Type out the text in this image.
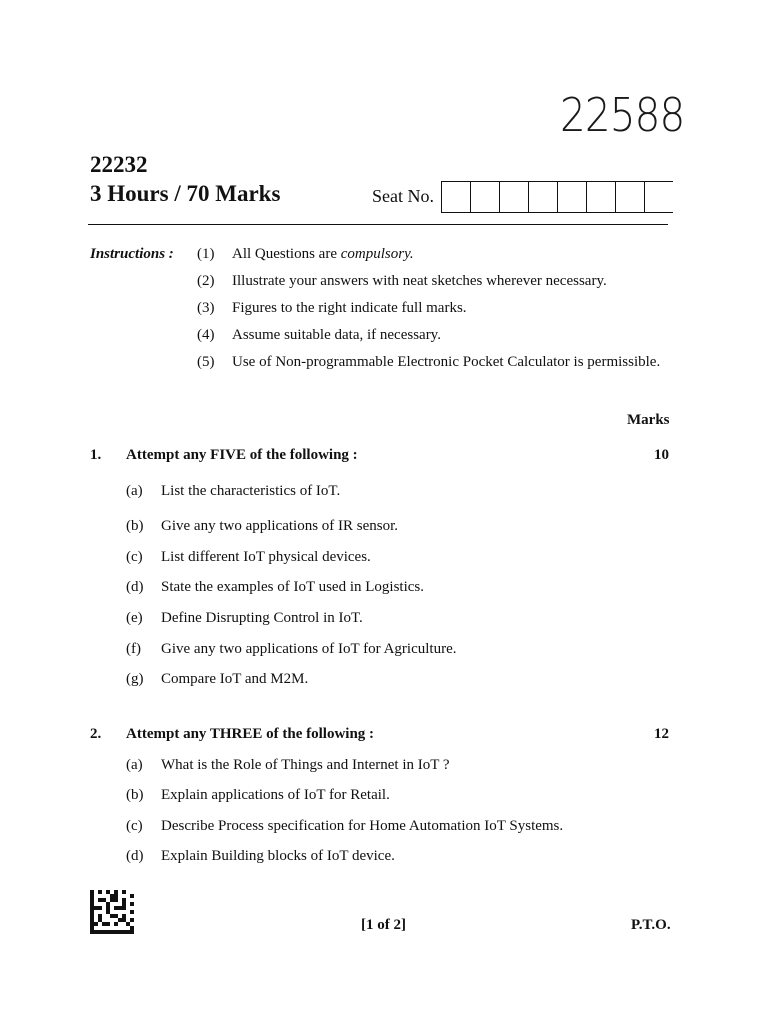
22588
22232
3 Hours / 70 Marks	Seat No.
Instructions : (1) All Questions are compulsory.
(2) Illustrate your answers with neat sketches wherever necessary.
(3) Figures to the right indicate full marks.
(4) Assume suitable data, if necessary.
(5) Use of Non-programmable Electronic Pocket Calculator is permissible.
Marks
1. Attempt any FIVE of the following :	10
(a) List the characteristics of IoT.
(b) Give any two applications of IR sensor.
(c) List different IoT physical devices.
(d) State the examples of IoT used in Logistics.
(e) Define Disrupting Control in IoT.
(f) Give any two applications of IoT for Agriculture.
(g) Compare IoT and M2M.
2. Attempt any THREE of the following :	12
(a) What is the Role of Things and Internet in IoT ?
(b) Explain applications of IoT for Retail.
(c) Describe Process specification for Home Automation IoT Systems.
(d) Explain Building blocks of IoT device.
[1 of 2]	P.T.O.
